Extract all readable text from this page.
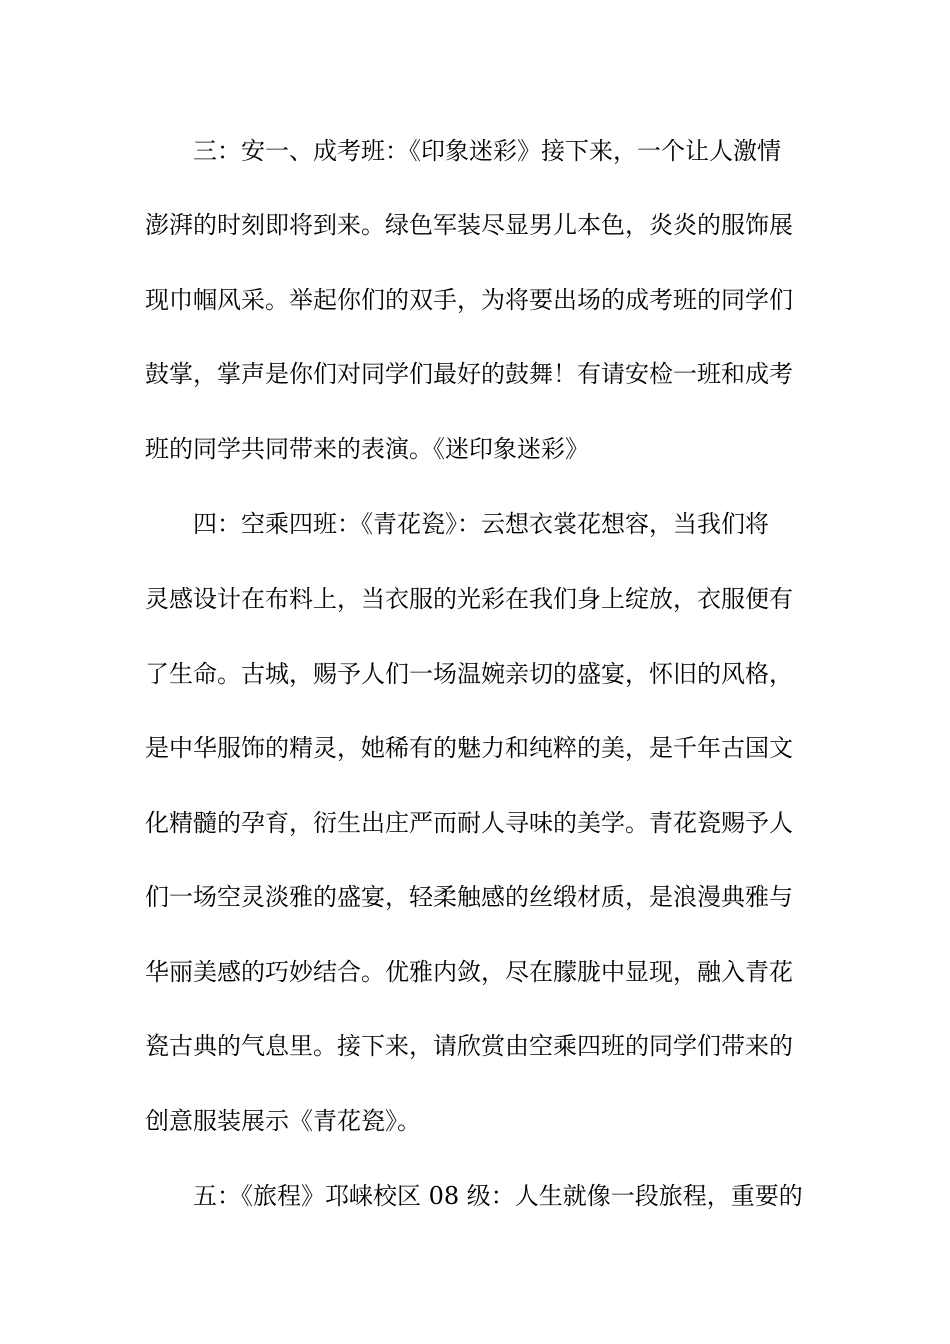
三：安一、成考班：《印象迷彩》接下来，一个让人激情
澎湃的时刻即将到来。绿色军装尽显男儿本色，炎炎的服饰展
现巾帼风采。举起你们的双手，为将要出场的成考班的同学们
鼓掌，掌声是你们对同学们最好的鼓舞！有请安检一班和成考
班的同学共同带来的表演。《迷印象迷彩》
四：空乘四班：《青花瓷》：云想衣裳花想容，当我们将
灵感设计在布料上，当衣服的光彩在我们身上绽放，衣服便有
了生命。古城，赐予人们一场温婉亲切的盛宴，怀旧的风格，
是中华服饰的精灵，她稀有的魅力和纯粹的美，是千年古国文
化精髓的孕育，衍生出庄严而耐人寻味的美学。青花瓷赐予人
们一场空灵淡雅的盛宴，轻柔触感的丝缎材质，是浪漫典雅与
华丽美感的巧妙结合。优雅内敛，尽在朦胧中显现，融入青花
瓷古典的气息里。接下来，请欣赏由空乘四班的同学们带来的
创意服装展示《青花瓷》。
五：《旅程》邛崃校区 08 级：人生就像一段旅程，重要的
